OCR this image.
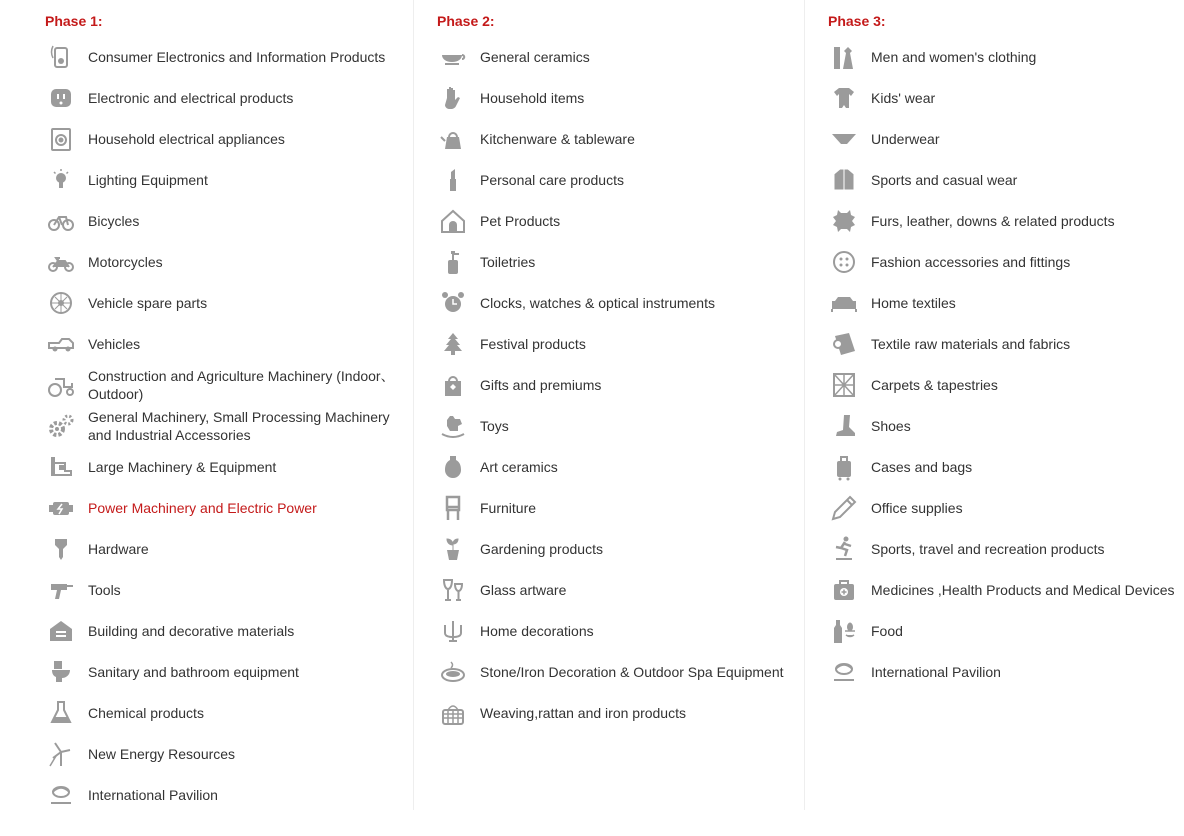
Phase 1:
Consumer Electronics and Information Products
Electronic and electrical products
Household electrical appliances
Lighting Equipment
Bicycles
Motorcycles
Vehicle spare parts
Vehicles
Construction and Agriculture Machinery (Indoor、Outdoor)
General Machinery, Small Processing Machinery and Industrial Accessories
Large Machinery & Equipment
Power Machinery and Electric Power
Hardware
Tools
Building and decorative materials
Sanitary and bathroom equipment
Chemical products
New Energy Resources
International Pavilion
Phase 2:
General ceramics
Household items
Kitchenware & tableware
Personal care products
Pet Products
Toiletries
Clocks, watches & optical instruments
Festival products
Gifts and premiums
Toys
Art ceramics
Furniture
Gardening products
Glass artware
Home decorations
Stone/Iron Decoration & Outdoor Spa Equipment
Weaving,rattan and iron products
Phase 3:
Men and women's clothing
Kids' wear
Underwear
Sports and casual wear
Furs, leather, downs & related products
Fashion accessories and fittings
Home textiles
Textile raw materials and fabrics
Carpets & tapestries
Shoes
Cases and bags
Office supplies
Sports, travel and recreation products
Medicines ,Health Products and Medical Devices
Food
International Pavilion
